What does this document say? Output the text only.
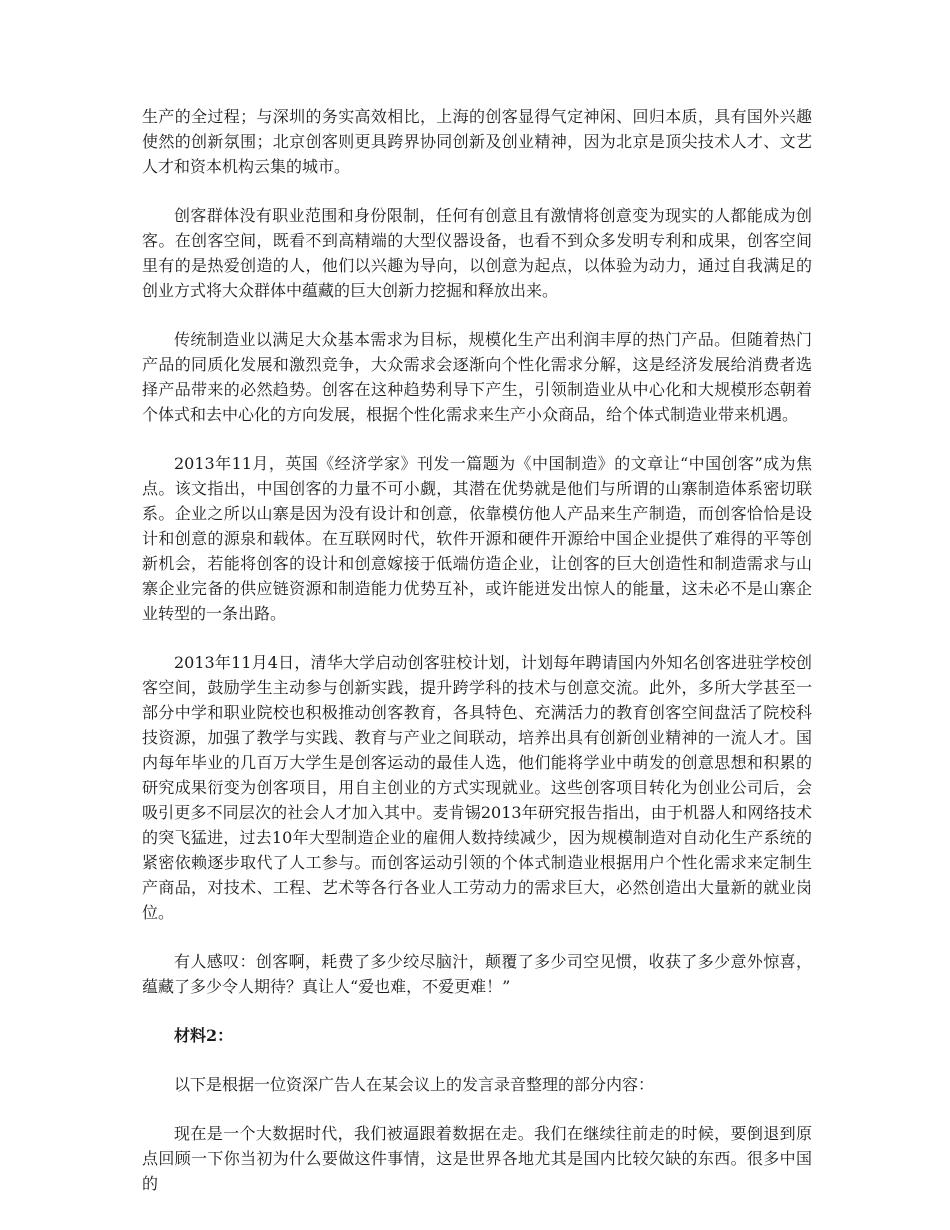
生产的全过程；与深圳的务实高效相比，上海的创客显得气定神闲、回归本质，具有国外兴趣使然的创新氛围；北京创客则更具跨界协同创新及创业精神，因为北京是顶尖技术人才、文艺人才和资本机构云集的城市。

创客群体没有职业范围和身份限制，任何有创意且有激情将创意变为现实的人都能成为创客。在创客空间，既看不到高精端的大型仪器设备，也看不到众多发明专利和成果，创客空间里有的是热爱创造的人，他们以兴趣为导向，以创意为起点，以体验为动力，通过自我满足的创业方式将大众群体中蕴藏的巨大创新力挖掘和释放出来。

传统制造业以满足大众基本需求为目标，规模化生产出利润丰厚的热门产品。但随着热门产品的同质化发展和激烈竞争，大众需求会逐渐向个性化需求分解，这是经济发展给消费者选择产品带来的必然趋势。创客在这种趋势利导下产生，引领制造业从中心化和大规模形态朝着个体式和去中心化的方向发展，根据个性化需求来生产小众商品，给个体式制造业带来机遇。

2013年11月，英国《经济学家》刊发一篇题为《中国制造》的文章让“中国创客”成为焦点。该文指出，中国创客的力量不可小觑，其潜在优势就是他们与所谓的山寨制造体系密切联系。企业之所以山寨是因为没有设计和创意，依靠模仿他人产品来生产制造，而创客恰恰是设计和创意的源泉和载体。在互联网时代，软件开源和硬件开源给中国企业提供了难得的平等创新机会，若能将创客的设计和创意嫁接于低端仿造企业，让创客的巨大创造性和制造需求与山寨企业完备的供应链资源和制造能力优势互补，或许能迸发出惊人的能量，这未必不是山寨企业转型的一条出路。

2013年11月4日，清华大学启动创客驻校计划，计划每年聘请国内外知名创客进驻学校创客空间，鼓励学生主动参与创新实践，提升跨学科的技术与创意交流。此外，多所大学甚至一部分中学和职业院校也积极推动创客教育，各具特色、充满活力的教育创客空间盘活了院校科技资源，加强了教学与实践、教育与产业之间联动，培养出具有创新创业精神的一流人才。国内每年毕业的几百万大学生是创客运动的最佳人选，他们能将学业中萌发的创意思想和积累的研究成果衍变为创客项目，用自主创业的方式实现就业。这些创客项目转化为创业公司后，会吸引更多不同层次的社会人才加入其中。麦肯锡2013年研究报告指出，由于机器人和网络技术的突飞猛进，过去10年大型制造企业的雇佣人数持续减少，因为规模制造对自动化生产系统的紧密依赖逐步取代了人工参与。而创客运动引领的个体式制造业根据用户个性化需求来定制生产商品，对技术、工程、艺术等各行各业人工劳动力的需求巨大，必然创造出大量新的就业岗位。

有人感叹：创客啊，耗费了多少绞尽脑汁，颠覆了多少司空见惯，收获了多少意外惊喜，蕴藏了多少令人期待？真让人“爱也难，不爱更难！”

材料2：

以下是根据一位资深广告人在某会议上的发言录音整理的部分内容：

现在是一个大数据时代，我们被逼跟着数据在走。我们在继续往前走的时候，要倒退到原点回顾一下你当初为什么要做这件事情，这是世界各地尤其是国内比较欠缺的东西。很多中国的
